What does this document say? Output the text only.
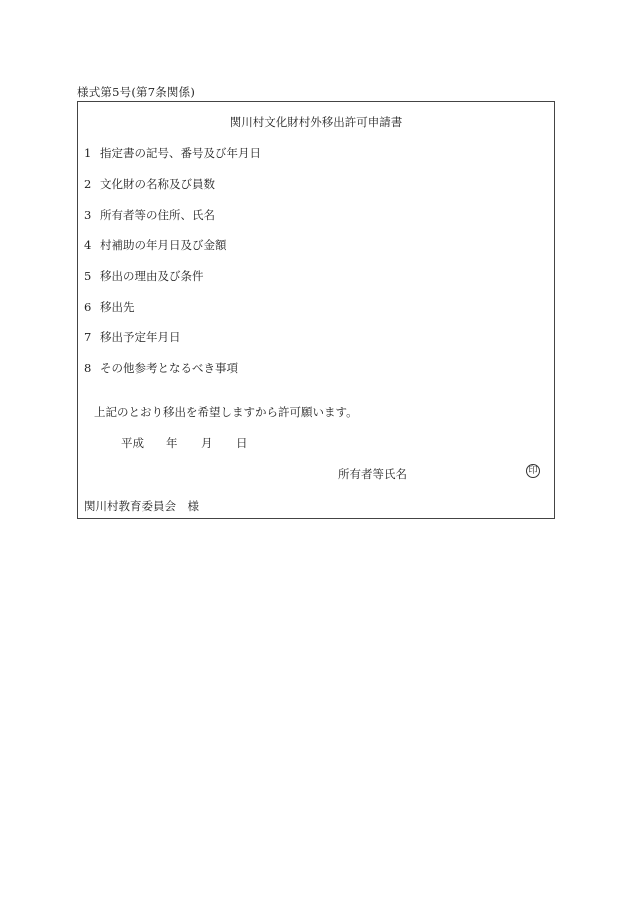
様式第5号(第7条関係)
関川村文化財村外移出許可申請書
1 指定書の記号、番号及び年月日
2 文化財の名称及び員数
3 所有者等の住所、氏名
4 村補助の年月日及び金額
5 移出の理由及び条件
6 移出先
7 移出予定年月日
8 その他参考となるべき事項
上記のとおり移出を希望しますから許可願います。
平成 年 月 日
所有者等氏名	印
関川村教育委員会　様
